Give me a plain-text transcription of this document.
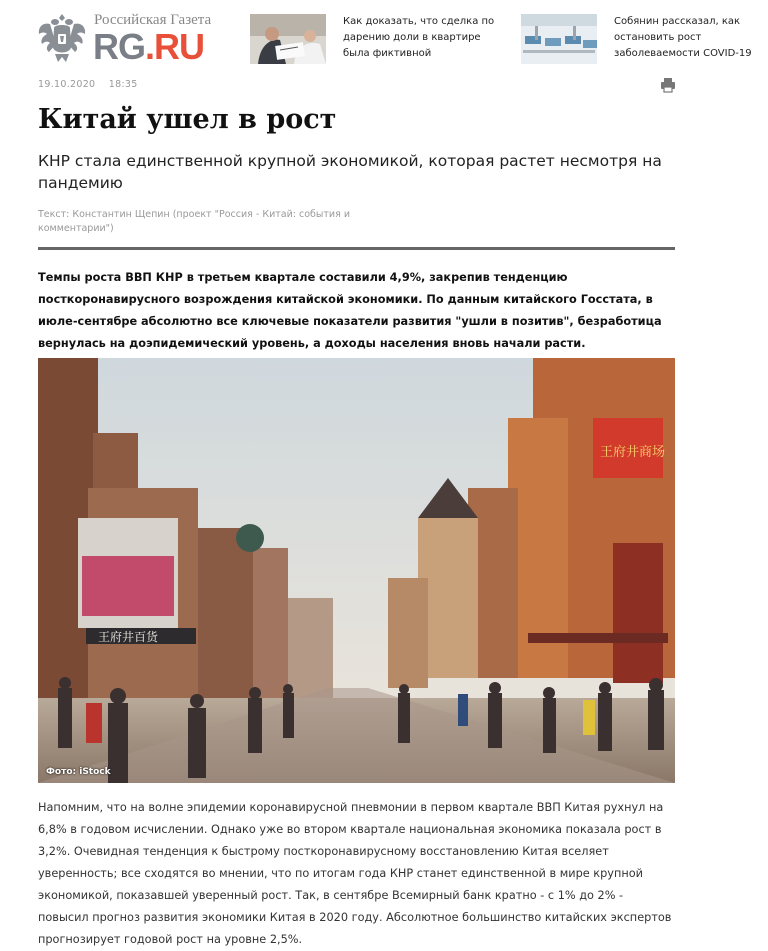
Российская Газета
RG.RU
Как доказать, что сделка по дарению доли в квартире была фиктивной
Собянин рассказал, как остановить рост заболеваемости COVID-19
19.10.2020 18:35
Китай ушел в рост

КНР стала единственной крупной экономикой, которая растет несмотря на пандемию

Текст: Константин Щепин (проект "Россия - Китай: события и комментарии")

Темпы роста ВВП КНР в третьем квартале составили 4,9%, закрепив тенденцию посткоронавирусного возрождения китайской экономики. По данным китайского Госстата, в июле-сентябре абсолютно все ключевые показатели развития "ушли в позитив", безработица вернулась на доэпидемический уровень, а доходы населения вновь начали расти.

王府井百货
王府井商场
Фото: iStock

Напомним, что на волне эпидемии коронавирусной пневмонии в первом квартале ВВП Китая рухнул на 6,8% в годовом исчислении. Однако уже во втором квартале национальная экономика показала рост в 3,2%. Очевидная тенденция к быстрому посткоронавирусному восстановлению Китая вселяет уверенность; все сходятся во мнении, что по итогам года КНР станет единственной в мире крупной экономикой, показавшей уверенный рост. Так, в сентябре Всемирный банк кратно - с 1% до 2% - повысил прогноз развития экономики Китая в 2020 году. Абсолютное большинство китайских экспертов прогнозирует годовой рост на уровне 2,5%.
